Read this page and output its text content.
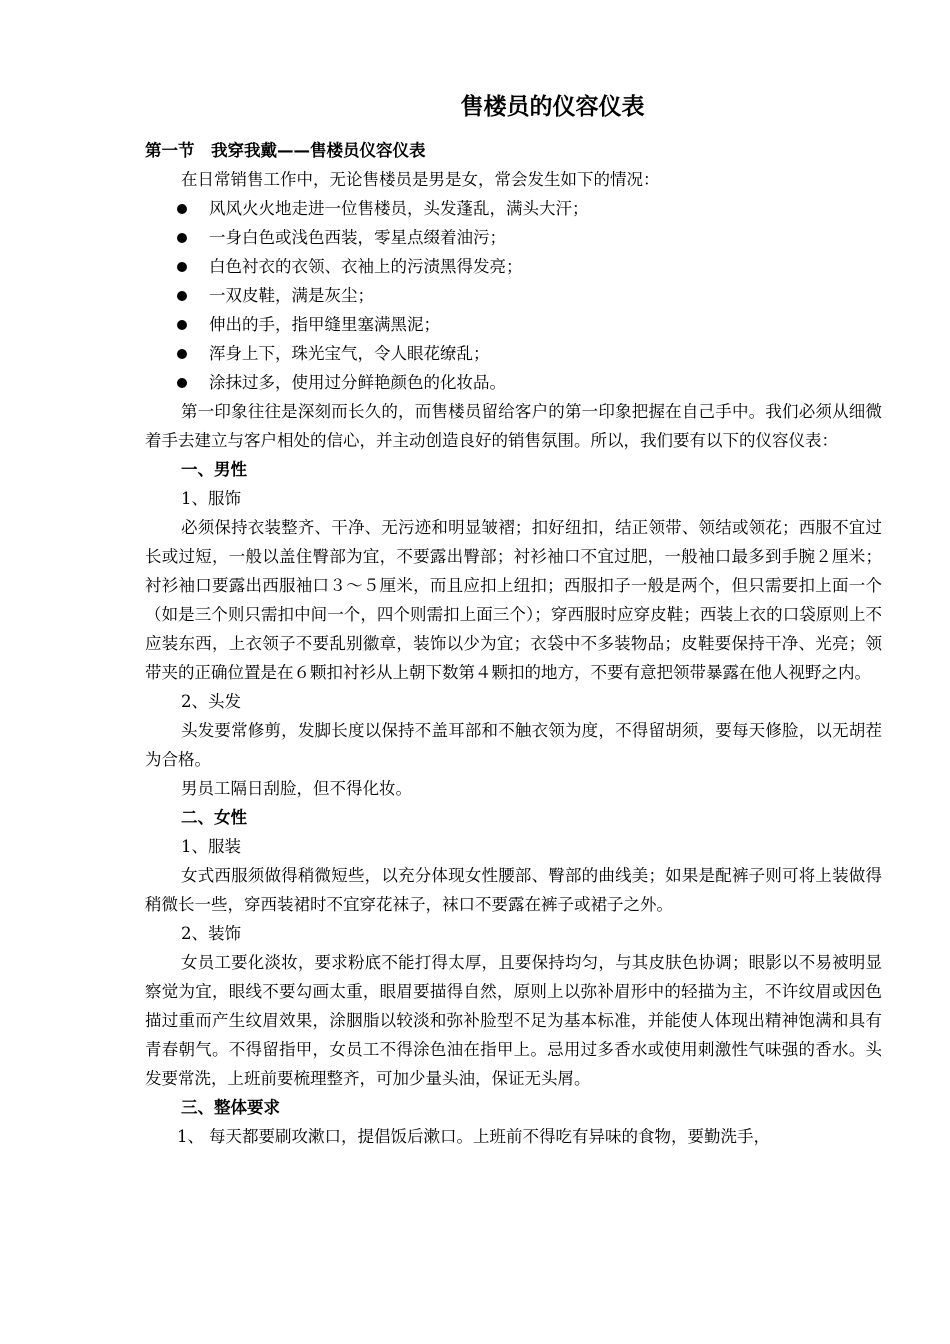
售楼员的仪容仪表

第一节　我穿我戴——售楼员仪容仪表

在日常销售工作中，无论售楼员是男是女，常会发生如下的情况：

风风火火地走进一位售楼员，头发蓬乱，满头大汗；
一身白色或浅色西装，零星点缀着油污；
白色衬衣的衣领、衣袖上的污渍黑得发亮；
一双皮鞋，满是灰尘；
伸出的手，指甲缝里塞满黑泥；
浑身上下，珠光宝气，令人眼花缭乱；
涂抹过多，使用过分鲜艳颜色的化妆品。

第一印象往往是深刻而长久的，而售楼员留给客户的第一印象把握在自己手中。我们必须从细微着手去建立与客户相处的信心，并主动创造良好的销售氛围。所以，我们要有以下的仪容仪表：

一、男性

1、服饰

必须保持衣装整齐、干净、无污迹和明显皱褶；扣好纽扣，结正领带、领结或领花；西服不宜过长或过短，一般以盖住臀部为宜，不要露出臀部；衬衫袖口不宜过肥，一般袖口最多到手腕２厘米；衬衫袖口要露出西服袖口３～５厘米，而且应扣上纽扣；西服扣子一般是两个，但只需要扣上面一个（如是三个则只需扣中间一个，四个则需扣上面三个）；穿西服时应穿皮鞋；西装上衣的口袋原则上不应装东西，上衣领子不要乱别徽章，装饰以少为宜；衣袋中不多装物品；皮鞋要保持干净、光亮；领带夹的正确位置是在６颗扣衬衫从上朝下数第４颗扣的地方，不要有意把领带暴露在他人视野之内。

2、头发

头发要常修剪，发脚长度以保持不盖耳部和不触衣领为度，不得留胡须，要每天修脸，以无胡茬为合格。

男员工隔日刮脸，但不得化妆。

二、女性

1、服装

女式西服须做得稍微短些，以充分体现女性腰部、臀部的曲线美；如果是配裤子则可将上装做得稍微长一些，穿西装裙时不宜穿花袜子，袜口不要露在裤子或裙子之外。

2、装饰

女员工要化淡妆，要求粉底不能打得太厚，且要保持均匀，与其皮肤色协调；眼影以不易被明显察觉为宜，眼线不要勾画太重，眼眉要描得自然，原则上以弥补眉形中的轻描为主，不许纹眉或因色描过重而产生纹眉效果，涂胭脂以较淡和弥补脸型不足为基本标准，并能使人体现出精神饱满和具有青春朝气。不得留指甲，女员工不得涂色油在指甲上。忌用过多香水或使用刺激性气味强的香水。头发要常洗，上班前要梳理整齐，可加少量头油，保证无头屑。

三、整体要求

1、 每天都要刷攻漱口，提倡饭后漱口。上班前不得吃有异味的食物，要勤洗手，
